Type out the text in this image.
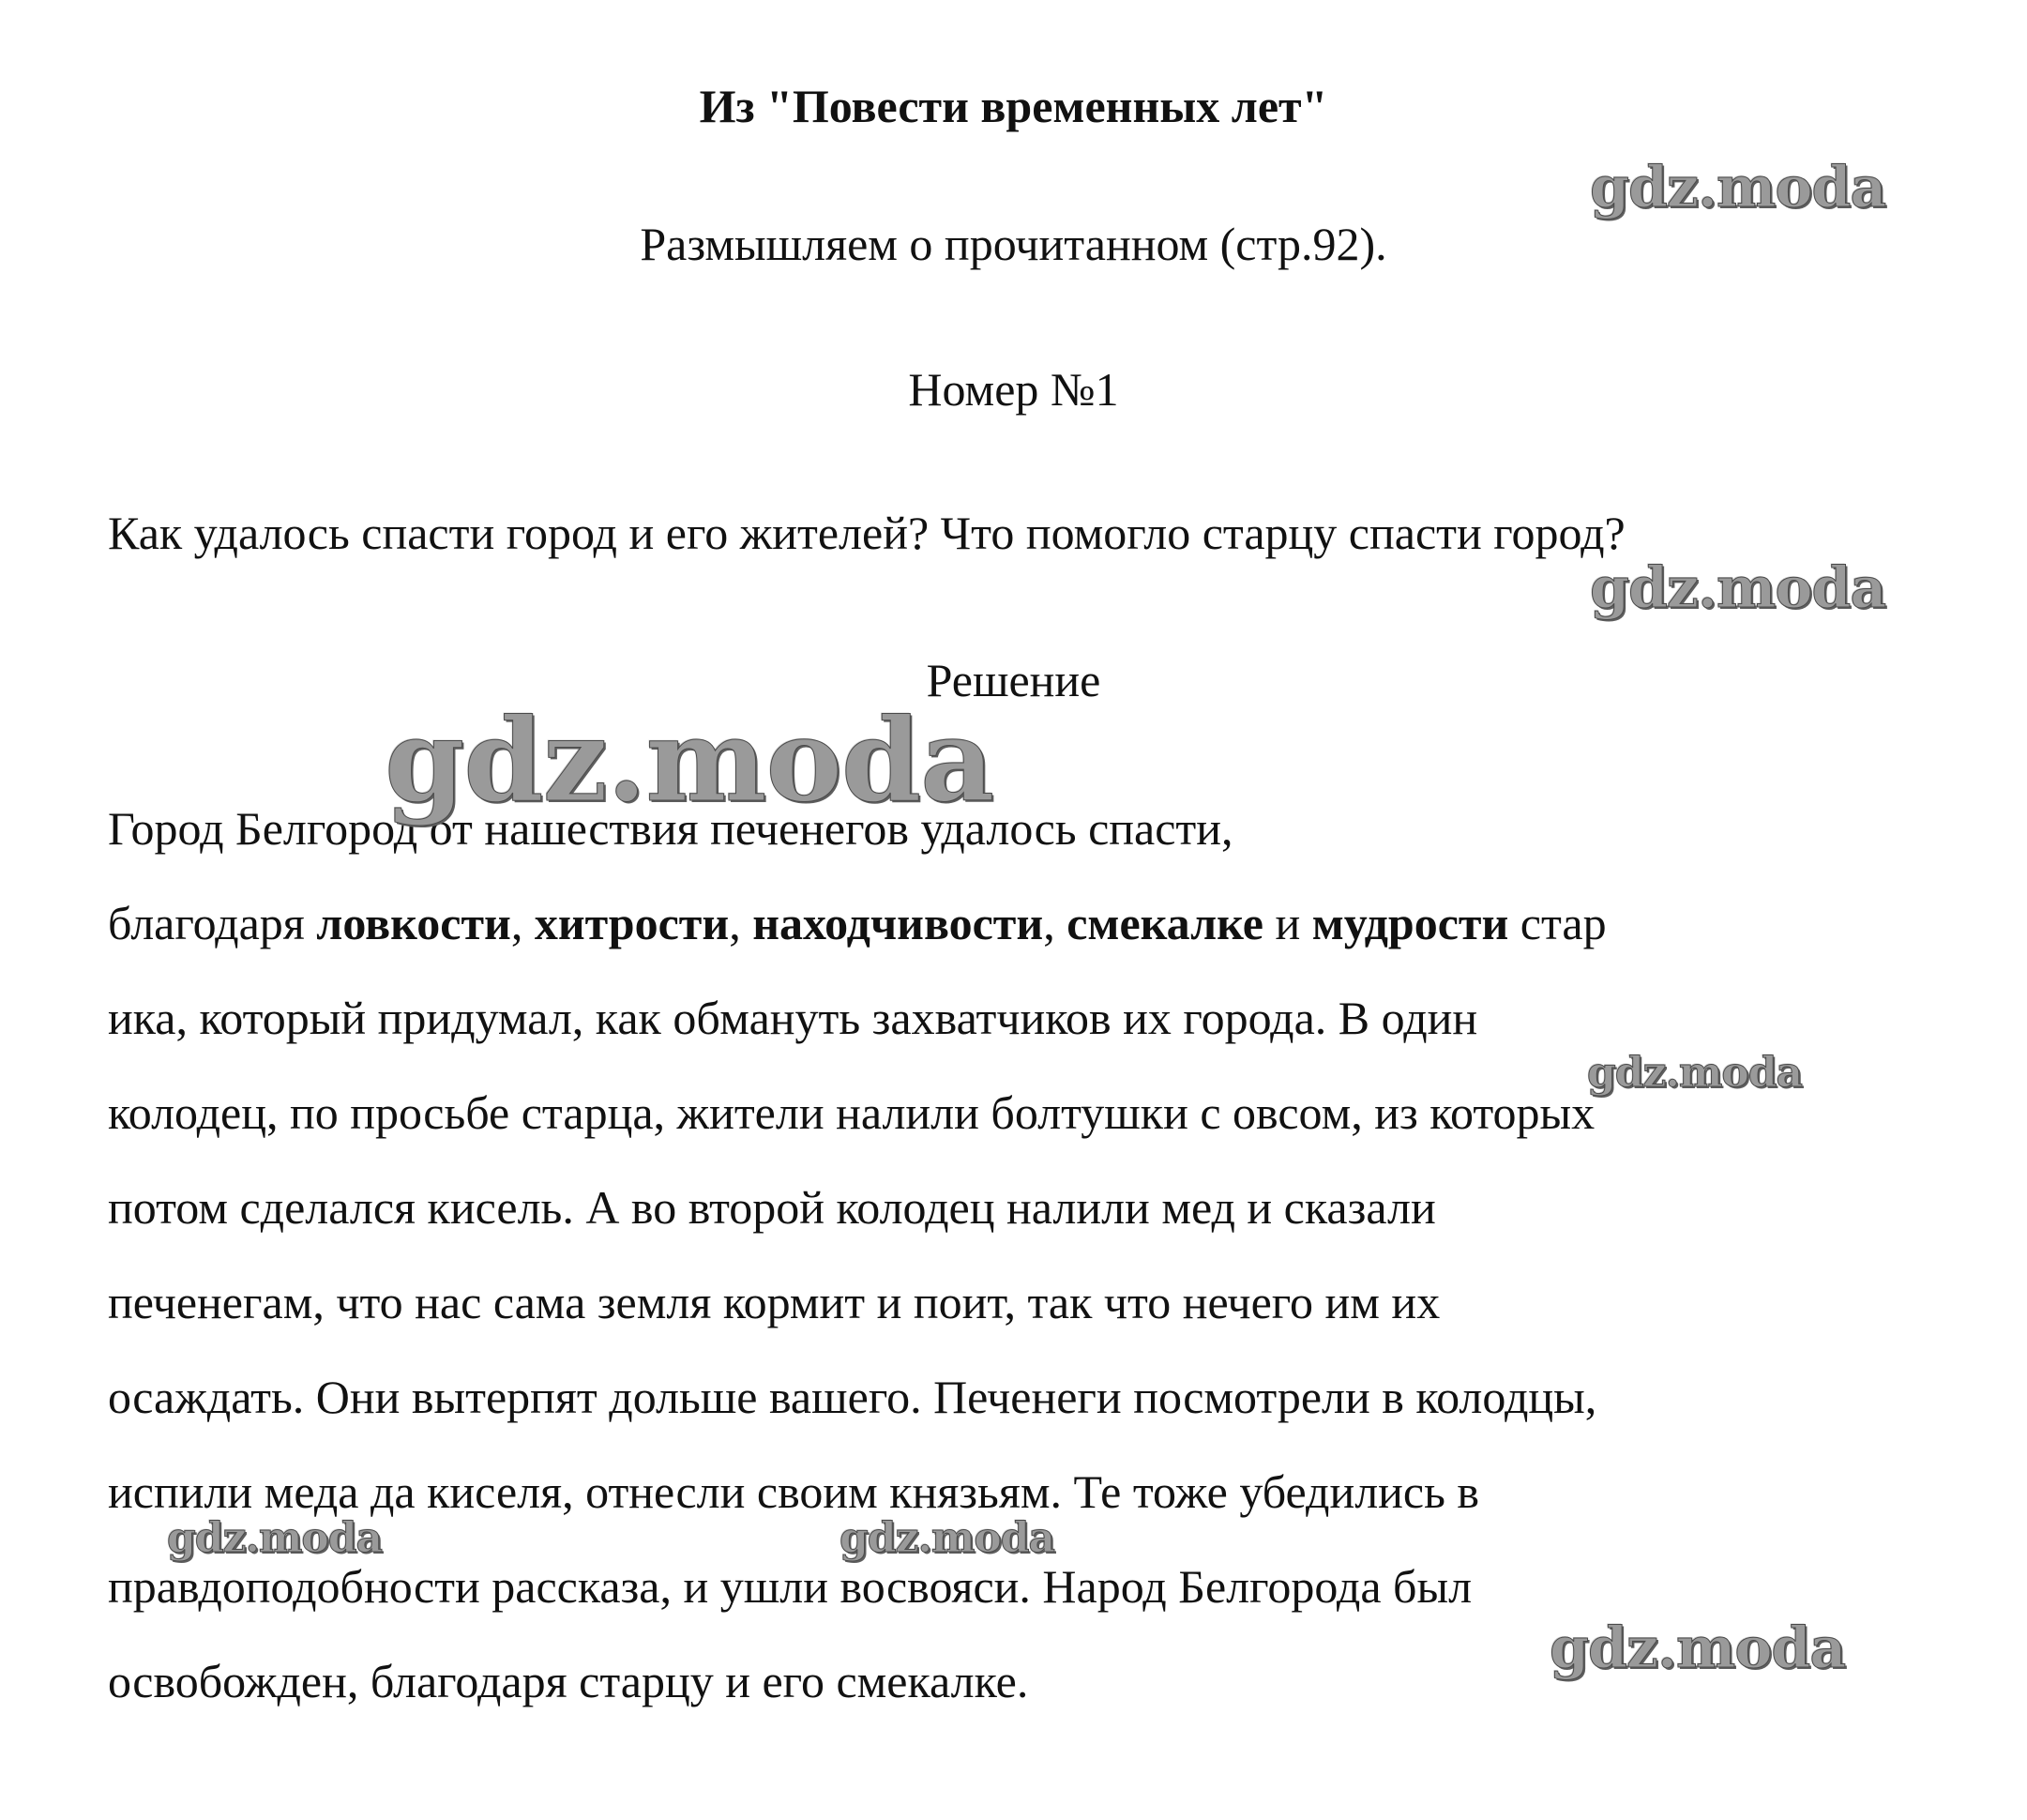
Из "Повести временных лет"
Размышляем о прочитанном (стр.92).
Номер №1
Как удалось спасти город и его жителей? Что помогло старцу спасти город?
Решение
Город Белгород от нашествия печенегов удалось спасти,
благодаря ловкости, хитрости, находчивости, смекалке и мудрости стар
ика, который придумал, как обмануть захватчиков их города. В один
колодец, по просьбе старца, жители налили болтушки с овсом, из которых
потом сделался кисель. А во второй колодец налили мед и сказали
печенегам, что нас сама земля кормит и поит, так что нечего им их
осаждать. Они вытерпят дольше вашего. Печенеги посмотрели в колодцы,
испили меда да киселя, отнесли своим князьям. Те тоже убедились в
правдоподобности рассказа, и ушли восвояси. Народ Белгорода был
освобожден, благодаря старцу и его смекалке.
gdz.moda
gdz.moda
gdz.moda
gdz.moda
gdz.moda	gdz.moda
gdz.moda
